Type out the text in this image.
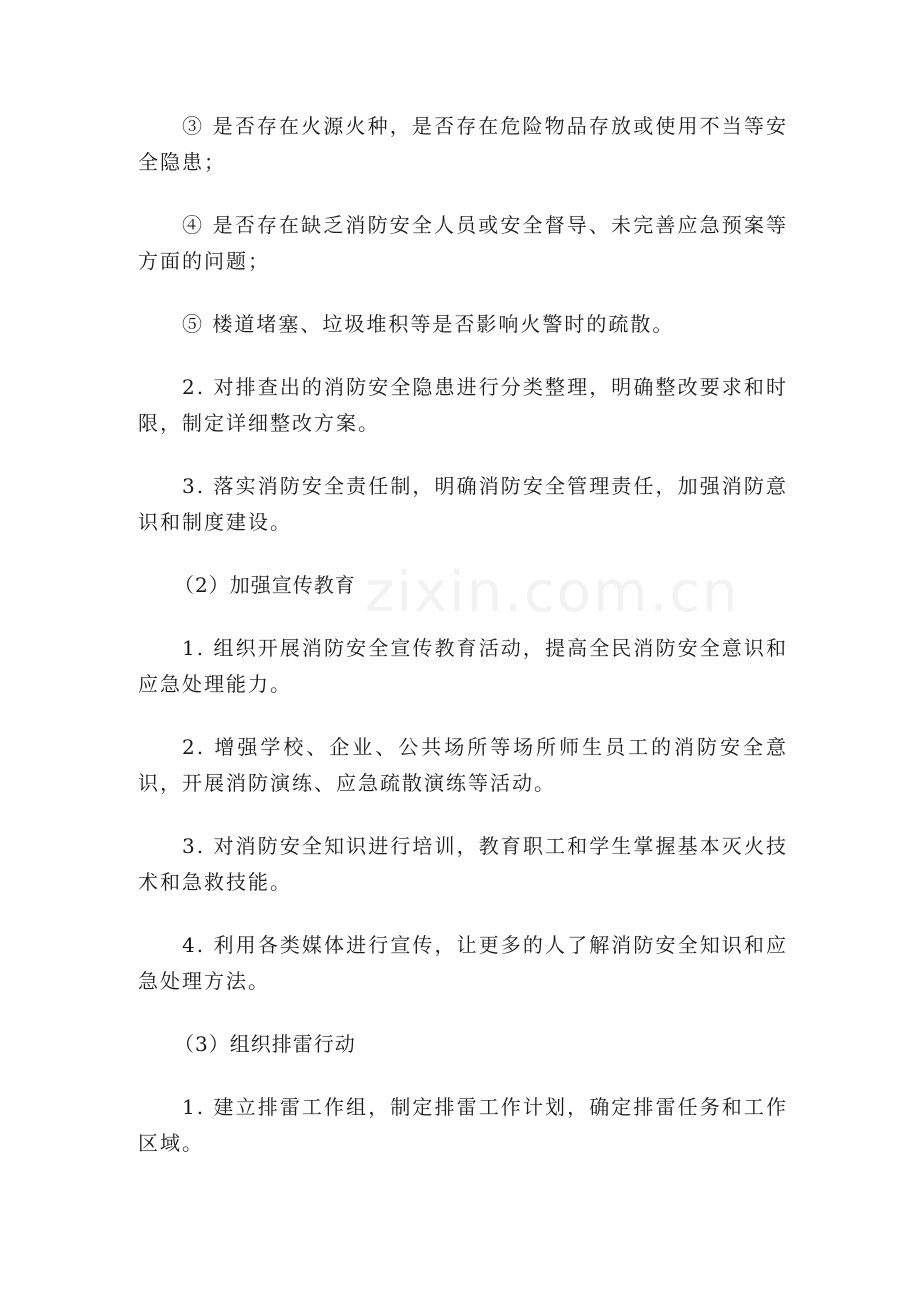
zixin.com.cn

③ 是否存在火源火种，是否存在危险物品存放或使用不当等安全隐患；

④ 是否存在缺乏消防安全人员或安全督导、未完善应急预案等方面的问题；

⑤ 楼道堵塞、垃圾堆积等是否影响火警时的疏散。

2. 对排查出的消防安全隐患进行分类整理，明确整改要求和时限，制定详细整改方案。

3. 落实消防安全责任制，明确消防安全管理责任，加强消防意识和制度建设。

（2）加强宣传教育

1. 组织开展消防安全宣传教育活动，提高全民消防安全意识和应急处理能力。

2. 增强学校、企业、公共场所等场所师生员工的消防安全意识，开展消防演练、应急疏散演练等活动。

3. 对消防安全知识进行培训，教育职工和学生掌握基本灭火技术和急救技能。

4. 利用各类媒体进行宣传，让更多的人了解消防安全知识和应急处理方法。

（3）组织排雷行动

1. 建立排雷工作组，制定排雷工作计划，确定排雷任务和工作区域。
